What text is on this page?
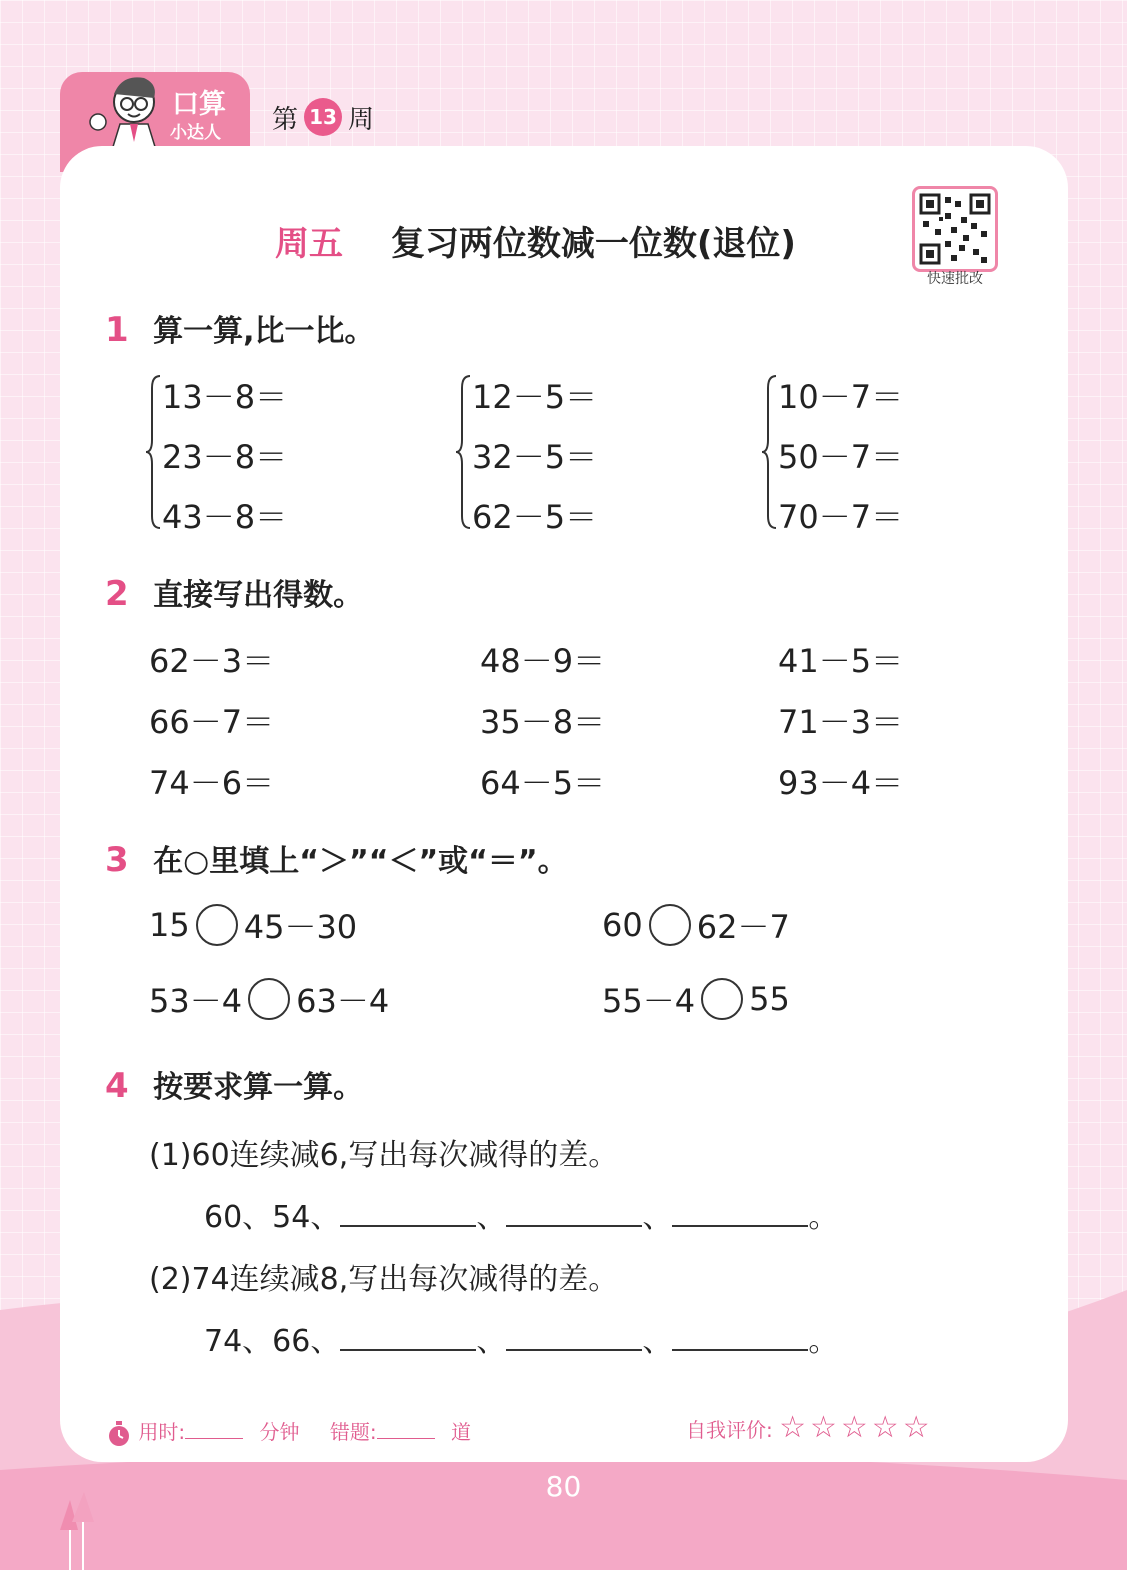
口算
小达人 第 13 周
周五 复习两位数减一位数(退位)
快速批改
1 算一算,比一比。
13－8＝
23－8＝
43－8＝
12－5＝
32－5＝
62－5＝
10－7＝
50－7＝
70－7＝
2 直接写出得数。
62－3＝	48－9＝	41－5＝
66－7＝	35－8＝	71－3＝
74－6＝	64－5＝	93－4＝
3 在○里填上“＞”“＜”或“＝”。
15 45－30	60 62－7
53－4 63－4	55－4 55
4 按要求算一算。
(1)60连续减6,写出每次减得的差。
60、54、	、	、	。
(2)74连续减8,写出每次减得的差。
74、66、	、	、	。
用时:	分钟 错题:	道	自我评价: ☆☆☆☆☆
80
